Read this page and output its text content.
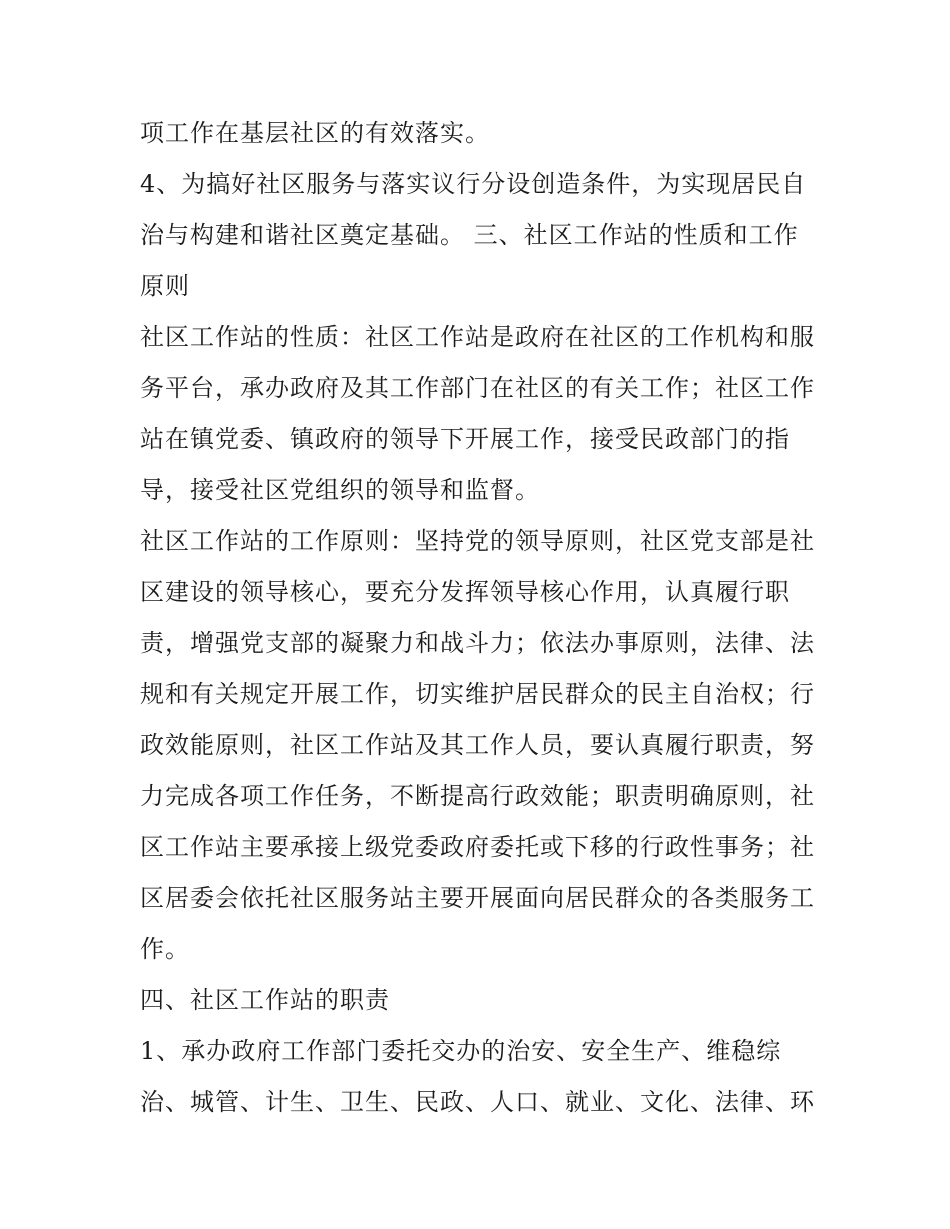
项工作在基层社区的有效落实。
4、为搞好社区服务与落实议行分设创造条件，为实现居民自
治与构建和谐社区奠定基础。 三、社区工作站的性质和工作
原则
社区工作站的性质：社区工作站是政府在社区的工作机构和服
务平台，承办政府及其工作部门在社区的有关工作；社区工作
站在镇党委、镇政府的领导下开展工作，接受民政部门的指
导，接受社区党组织的领导和监督。
社区工作站的工作原则：坚持党的领导原则，社区党支部是社
区建设的领导核心，要充分发挥领导核心作用，认真履行职
责，增强党支部的凝聚力和战斗力；依法办事原则，法律、法
规和有关规定开展工作，切实维护居民群众的民主自治权；行
政效能原则，社区工作站及其工作人员，要认真履行职责，努
力完成各项工作任务，不断提高行政效能；职责明确原则，社
区工作站主要承接上级党委政府委托或下移的行政性事务；社
区居委会依托社区服务站主要开展面向居民群众的各类服务工
作。
四、社区工作站的职责
1、承办政府工作部门委托交办的治安、安全生产、维稳综
治、城管、计生、卫生、民政、人口、就业、文化、法律、环
